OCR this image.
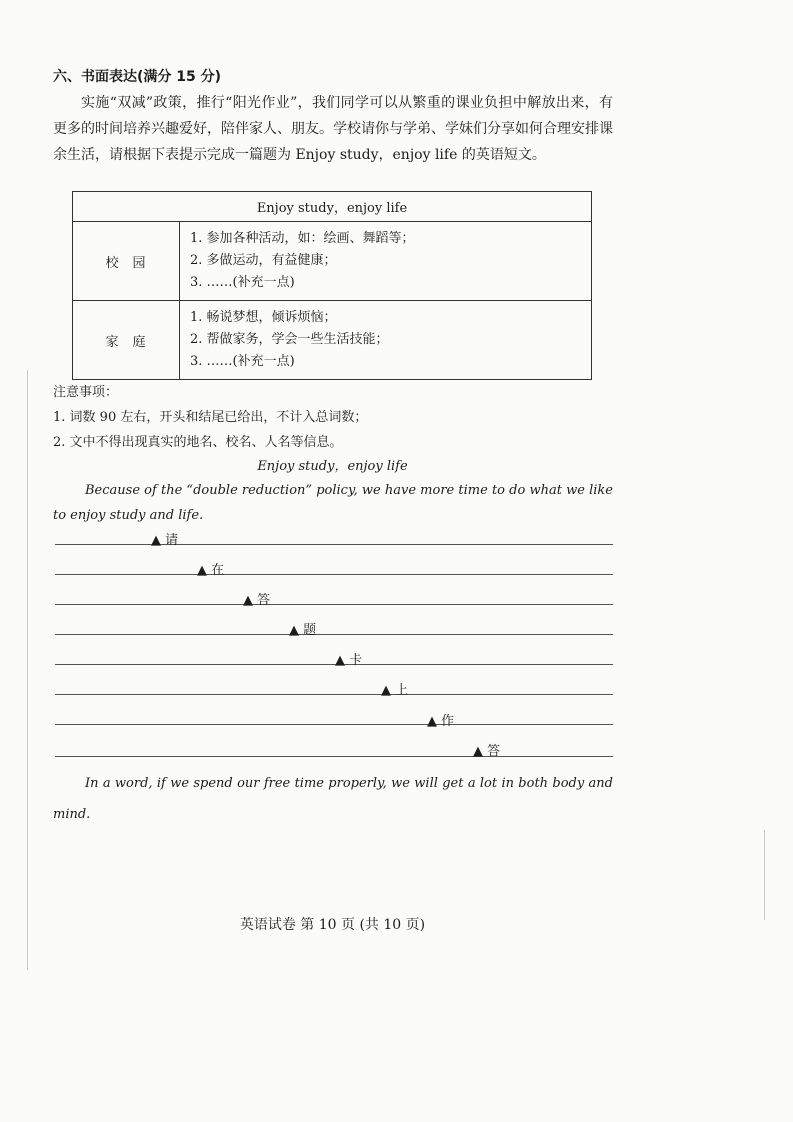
六、书面表达(满分 15 分)
实施“双减”政策，推行“阳光作业”，我们同学可以从繁重的课业负担中解放出来，有更多的时间培养兴趣爱好，陪伴家人、朋友。学校请你与学弟、学妹们分享如何合理安排课余生活，请根据下表提示完成一篇题为 Enjoy study，enjoy life 的英语短文。
Enjoy study，enjoy life	
校园	1. 参加各种活动，如：绘画、舞蹈等；
2. 多做运动，有益健康；
3. ……(补充一点)

家庭	1. 畅说梦想，倾诉烦恼；
2. 帮做家务，学会一些生活技能；
3. ……(补充一点)
注意事项：
1. 词数 90 左右，开头和结尾已给出，不计入总词数；
2. 文中不得出现真实的地名、校名、人名等信息。
Enjoy study，enjoy life
Because of the “double reduction” policy, we have more time to do what we like to enjoy study and life.
▲ 请
▲ 在
▲ 答
▲ 题
▲ 卡
▲ 上
▲ 作
▲ 答
In a word, if we spend our free time properly, we will get a lot in both body and mind.
英语试卷 第 10 页 (共 10 页)
